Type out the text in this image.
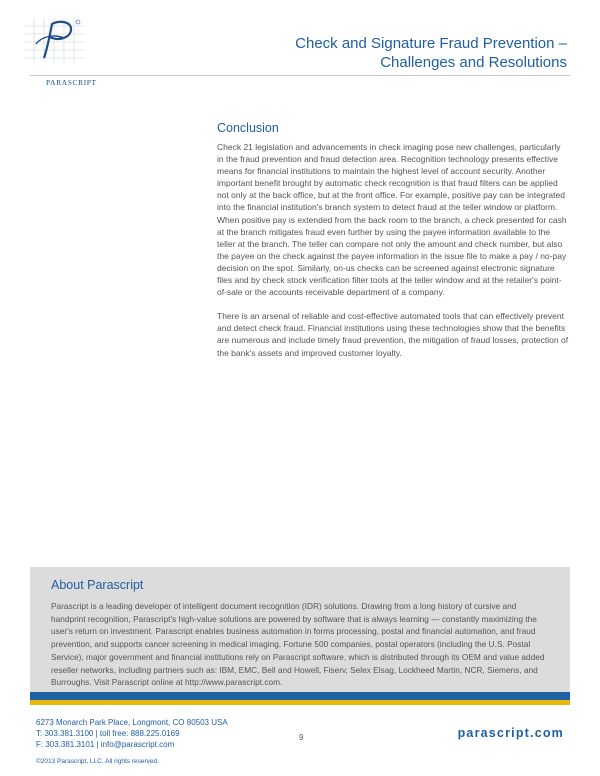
PARASCRIPT
Check and Signature Fraud Prevention –
Challenges and Resolutions
Conclusion

Check 21 legislation and advancements in check imaging pose new challenges, particularly in the fraud prevention and fraud detection area. Recognition technology presents effective means for financial institutions to maintain the highest level of account security. Another important benefit brought by automatic check recognition is that fraud filters can be applied not only at the back office, but at the front office. For example, positive pay can be integrated into the financial institution's branch system to detect fraud at the teller window or platform. When positive pay is extended from the back room to the branch, a check presented for cash at the branch mitigates fraud even further by using the payee information available to the teller at the branch. The teller can compare not only the amount and check number, but also the payee on the check against the payee information in the issue file to make a pay / no-pay decision on the spot. Similarly, on-us checks can be screened against electronic signature files and by check stock verification filter tools at the teller window and at the retailer's point-of-sale or the accounts receivable department of a company.

There is an arsenal of reliable and cost-effective automated tools that can effectively prevent and detect check fraud. Financial institutions using these technologies show that the benefits are numerous and include timely fraud prevention, the mitigation of fraud losses, protection of the bank's assets and improved customer loyalty.

About Parascript
Parascript is a leading developer of intelligent document recognition (IDR) solutions. Drawing from a long history of cursive and handprint recognition, Parascript's high-value solutions are powered by software that is always learning — constantly maximizing the user's return on investment. Parascript enables business automation in forms processing, postal and financial automation, and fraud prevention, and supports cancer screening in medical imaging. Fortune 500 companies, postal operators (including the U.S. Postal Service), major government and financial institutions rely on Parascript software, which is distributed through its OEM and value added reseller networks, including partners such as: IBM, EMC, Bell and Howell, Fiserv, Selex Elsag, Lockheed Martin, NCR, Siemens, and Burroughs. Visit Parascript online at http://www.parascript.com.
6273 Monarch Park Place, Longmont, CO 80503 USA
T: 303.381.3100 | toll free: 888.225.0169
F: 303.381.3101 | info@parascript.com
9	parascript.com
©2013 Parascript, LLC. All rights reserved.
